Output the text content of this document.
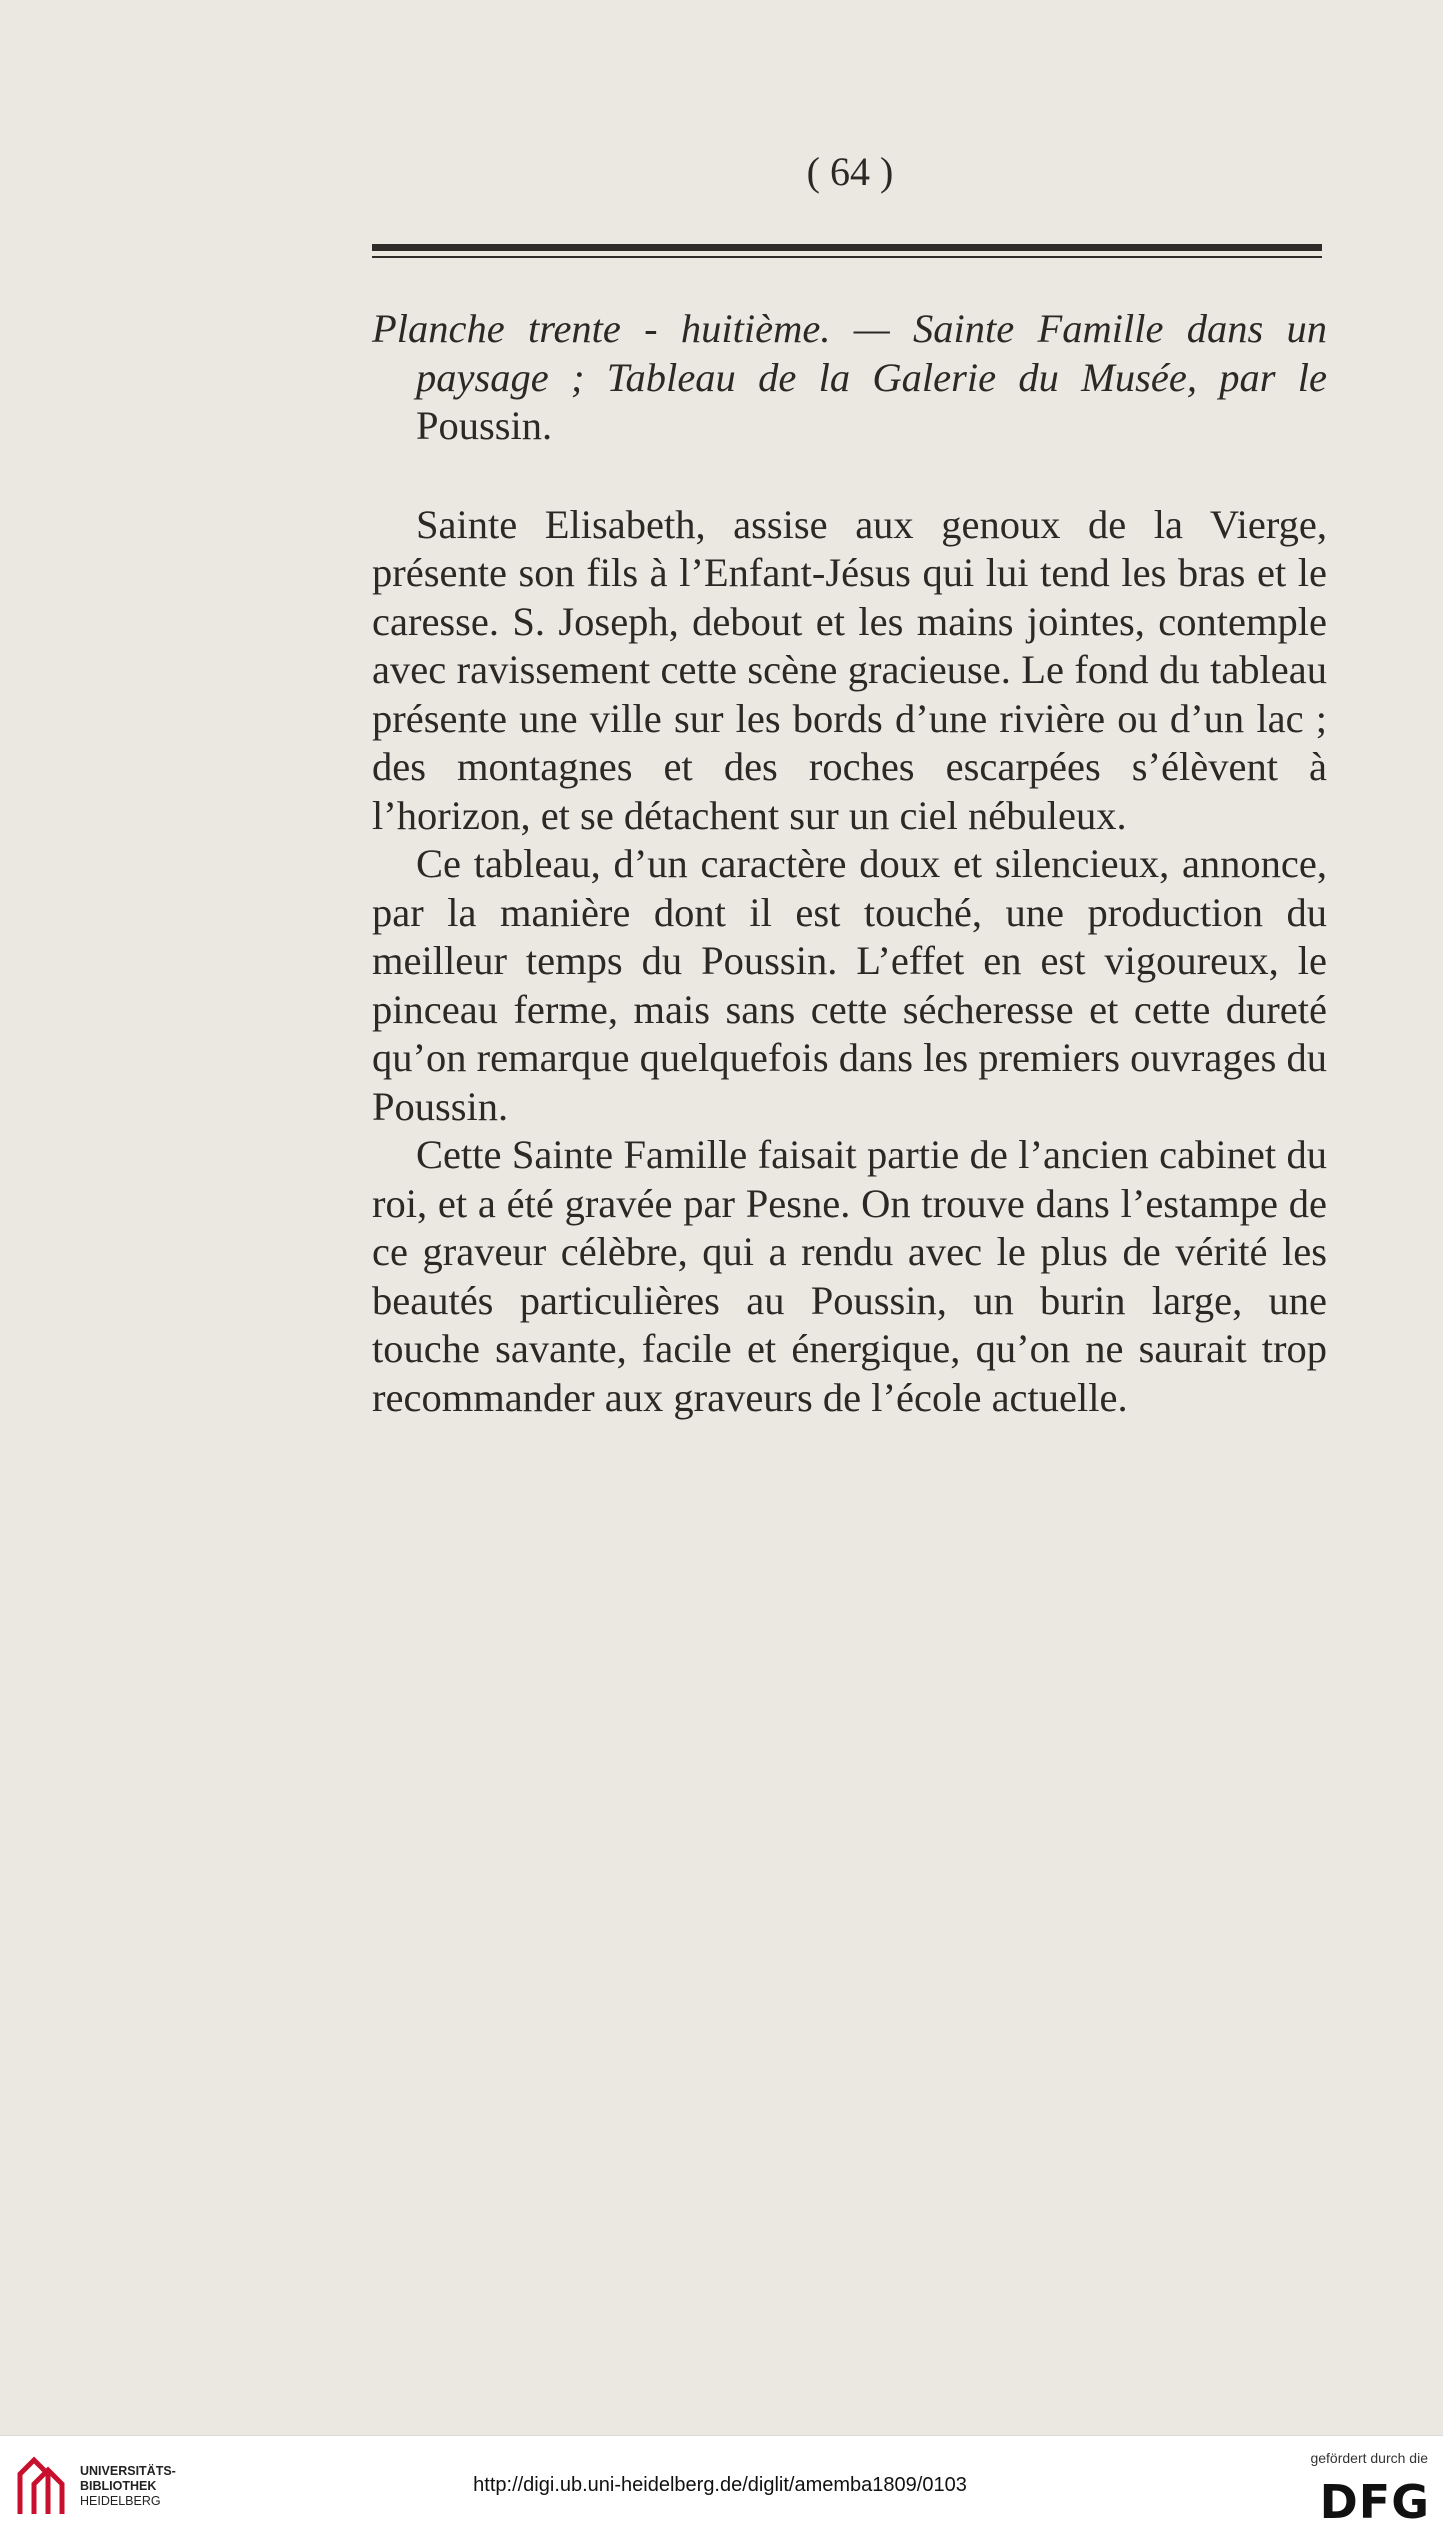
( 64 )

Planche trente - huitième. — Sainte Famille dans un paysage ; Tableau de la Galerie du Musée, par le Poussin.

Sainte Elisabeth, assise aux genoux de la Vierge, présente son fils à l’Enfant-Jésus qui lui tend les bras et le caresse. S. Joseph, debout et les mains jointes, contemple avec ravissement cette scène gracieuse. Le fond du tableau présente une ville sur les bords d’une rivière ou d’un lac ; des montagnes et des roches escarpées s’élèvent à l’horizon, et se détachent sur un ciel nébuleux.

Ce tableau, d’un caractère doux et silencieux, annonce, par la manière dont il est touché, une production du meilleur temps du Poussin. L’effet en est vigoureux, le pinceau ferme, mais sans cette sécheresse et cette dureté qu’on remarque quelquefois dans les premiers ouvrages du Poussin.

Cette Sainte Famille faisait partie de l’ancien cabinet du roi, et a été gravée par Pesne. On trouve dans l’estampe de ce graveur célèbre, qui a rendu avec le plus de vérité les beautés particulières au Poussin, un burin large, une touche savante, facile et énergique, qu’on ne saurait trop recommander aux graveurs de l’école actuelle.

UNIVERSITÄTS-
BIBLIOTHEK
HEIDELBERG
http://digi.ub.uni-heidelberg.de/diglit/amemba1809/0103
gefördert durch die
DFG
